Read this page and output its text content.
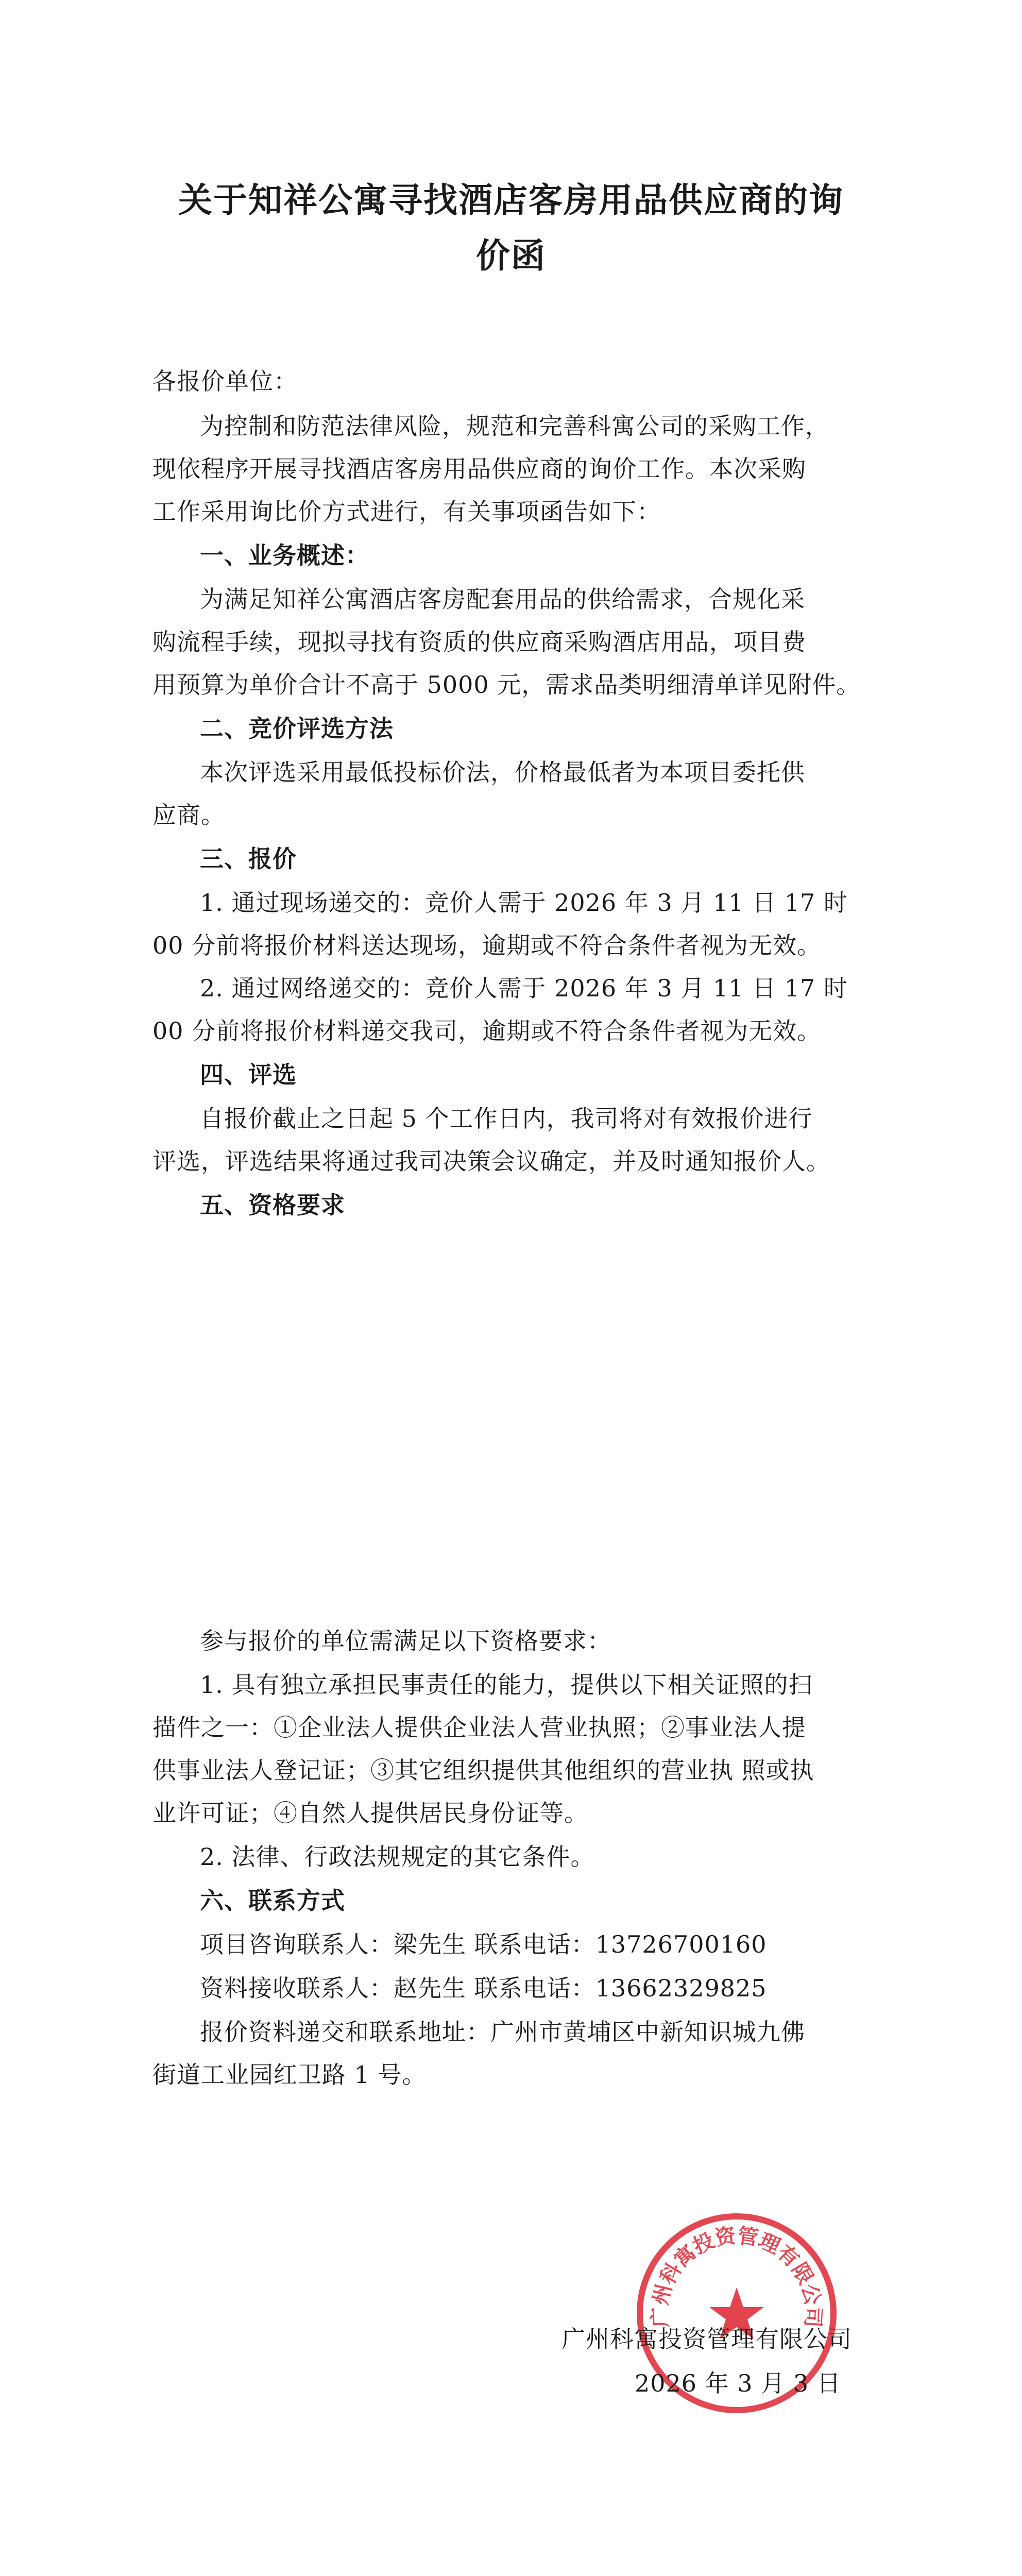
关于知祥公寓寻找酒店客房用品供应商的询
价函
各报价单位：
为控制和防范法律风险，规范和完善科寓公司的采购工作，
现依程序开展寻找酒店客房用品供应商的询价工作。本次采购
工作采用询比价方式进行，有关事项函告如下：
一、业务概述：
为满足知祥公寓酒店客房配套用品的供给需求，合规化采
购流程手续，现拟寻找有资质的供应商采购酒店用品，项目费
用预算为单价合计不高于 5000 元，需求品类明细清单详见附件。
二、竞价评选方法
本次评选采用最低投标价法，价格最低者为本项目委托供
应商。
三、报价
1. 通过现场递交的：竞价人需于 2026 年 3 月 11 日 17 时
00 分前将报价材料送达现场，逾期或不符合条件者视为无效。
2. 通过网络递交的：竞价人需于 2026 年 3 月 11 日 17 时
00 分前将报价材料递交我司，逾期或不符合条件者视为无效。
四、评选
自报价截止之日起 5 个工作日内，我司将对有效报价进行
评选，评选结果将通过我司决策会议确定，并及时通知报价人。
五、资格要求
参与报价的单位需满足以下资格要求：
1. 具有独立承担民事责任的能力，提供以下相关证照的扫
描件之一：①企业法人提供企业法人营业执照；②事业法人提
供事业法人登记证；③其它组织提供其他组织的营业执 照或执
业许可证；④自然人提供居民身份证等。
2. 法律、行政法规规定的其它条件。
六、联系方式
项目咨询联系人：梁先生 联系电话：13726700160
资料接收联系人：赵先生 联系电话：13662329825
报价资料递交和联系地址：广州市黄埔区中新知识城九佛
街道工业园红卫路 1 号。
广州科寓投资管理有限公司
广州科寓投资管理有限公司
2026 年 3 月 3 日
